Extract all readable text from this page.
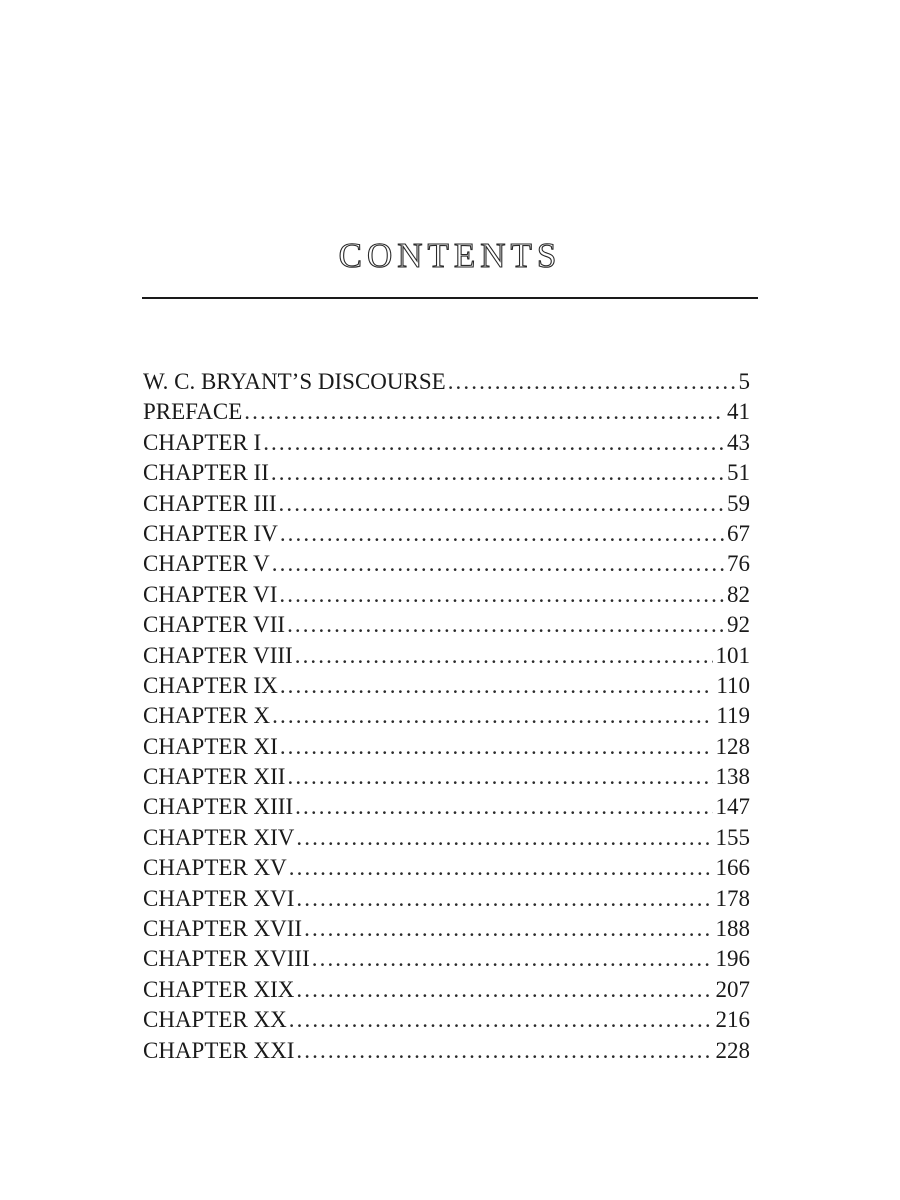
CONTENTS
W. C. BRYANT’S DISCOURSE .....	5
PREFACE .....	41
CHAPTER I .....	43
CHAPTER II .....	51
CHAPTER III .....	59
CHAPTER IV .....	67
CHAPTER V .....	76
CHAPTER VI .....	82
CHAPTER VII .....	92
CHAPTER VIII .....	101
CHAPTER IX .....	110
CHAPTER X .....	119
CHAPTER XI .....	128
CHAPTER XII .....	138
CHAPTER XIII .....	147
CHAPTER XIV .....	155
CHAPTER XV .....	166
CHAPTER XVI .....	178
CHAPTER XVII .....	188
CHAPTER XVIII .....	196
CHAPTER XIX .....	207
CHAPTER XX .....	216
CHAPTER XXI .....	228
